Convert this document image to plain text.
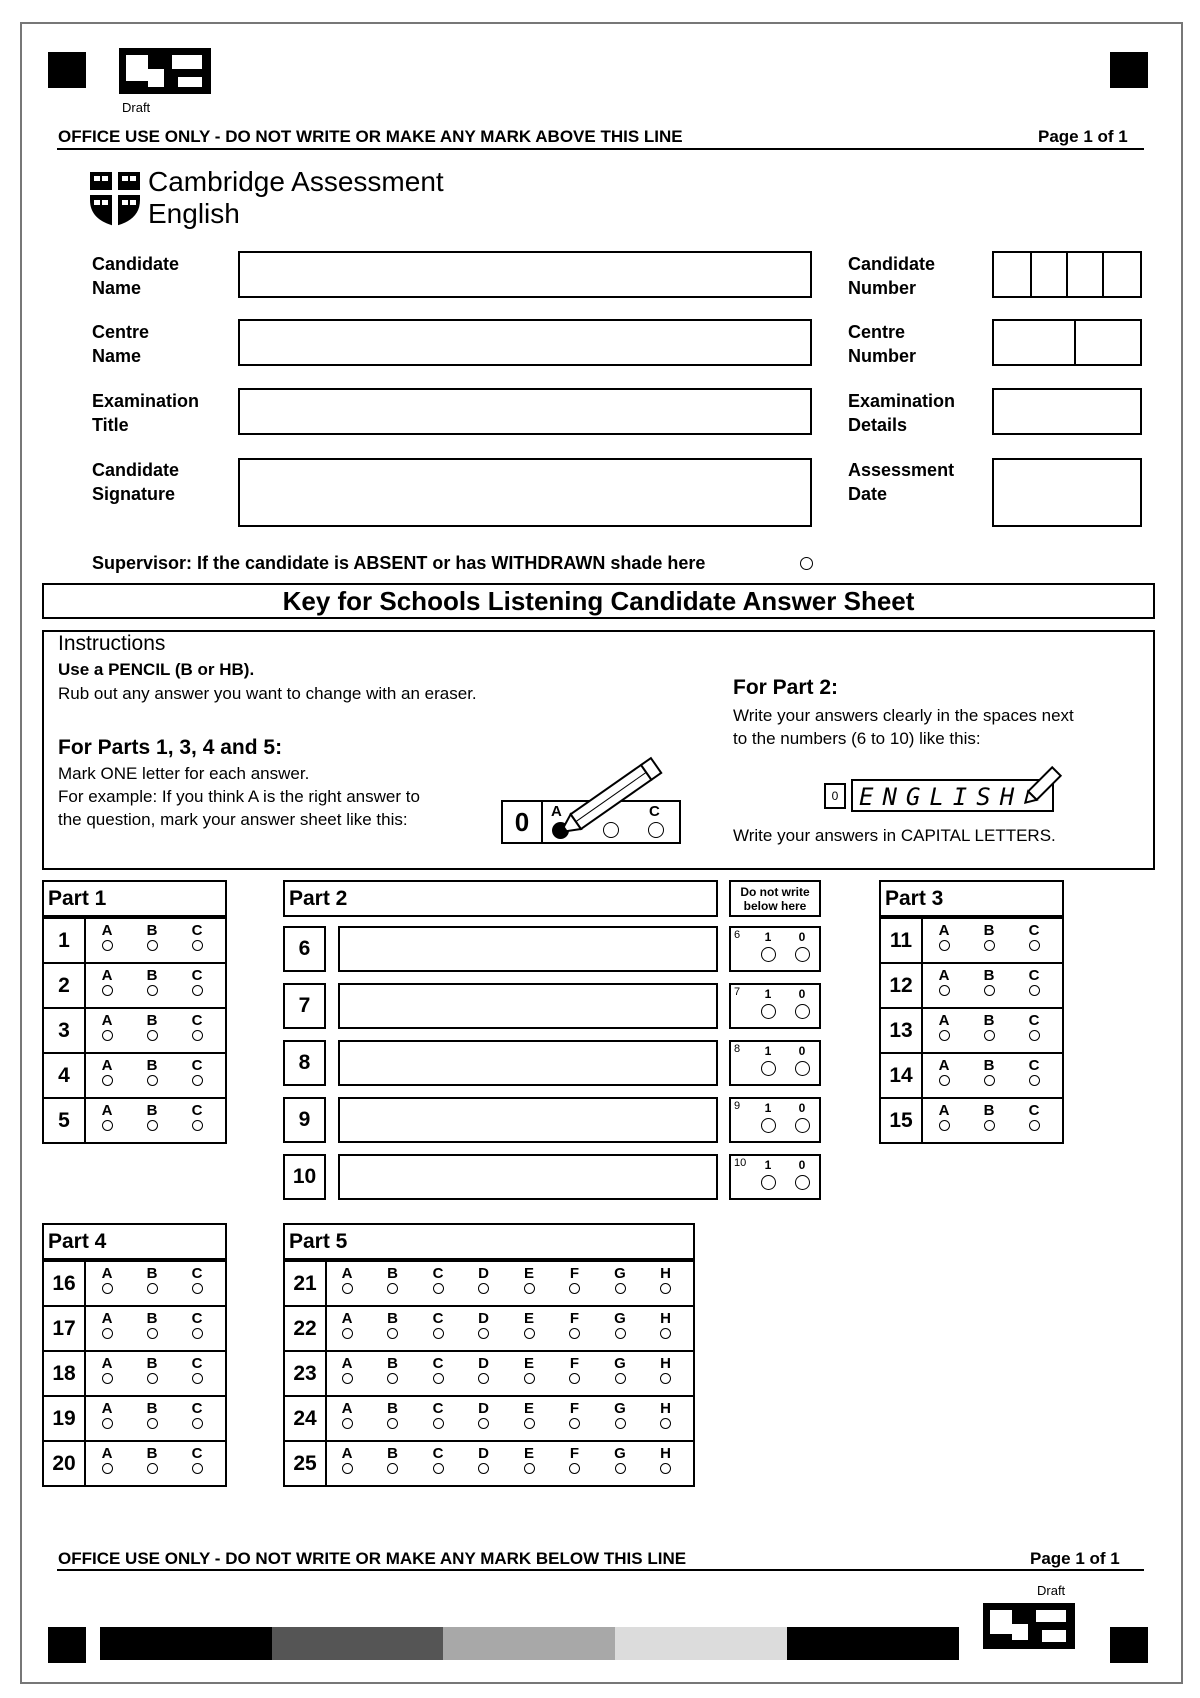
Draft
OFFICE USE ONLY - DO NOT WRITE OR MAKE ANY MARK ABOVE THIS LINE	Page 1 of 1
Cambridge Assessment
English
Candidate
Name
Centre
Name
Examination
Title
Candidate
Signature
Candidate
Number
Centre
Number
Examination
Details
Assessment
Date
Supervisor: If the candidate is ABSENT or has WITHDRAWN shade here
Key for Schools Listening Candidate Answer Sheet
Instructions
Use a PENCIL (B or HB).
Rub out any answer you want to change with an eraser.
For Parts 1, 3, 4 and 5:
Mark ONE letter for each answer.
For example: If you think A is the right answer to
the question, mark your answer sheet like this:	0	A	C
For Part 2:
Write your answers clearly in the spaces next
to the numbers (6 to 10) like this:
0 ENGLISH
Write your answers in CAPITAL LETTERS.
Part 1
1	A B C
2	A B C
3	A B C
4	A B C
5	A B C
Part 2	Do not write
below here
6
6	1	0
7
7	1	0
8
8	1	0
9
9	1	0
10
10	1	0
Part 3
11	A B C
12	A B C
13	A B C
14	A B C
15	A B C
Part 4
16	A B C
17	A B C
18	A B C
19	A B C
20	A B C
Part 5
21	A B C D E F G H
22	A B C D E F G H
23	A B C D E F G H
24	A B C D E F G H
25	A B C D E F G H
OFFICE USE ONLY - DO NOT WRITE OR MAKE ANY MARK BELOW THIS LINE	Page 1 of 1
Draft
